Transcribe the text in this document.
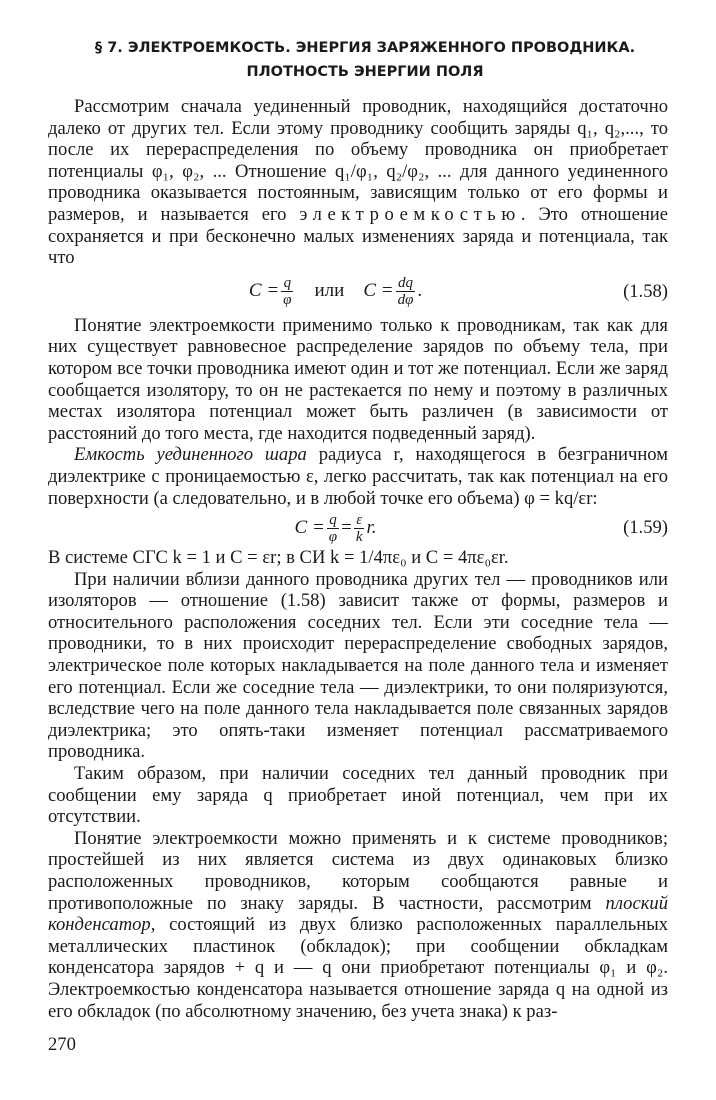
§ 7. ЭЛЕКТРОЕМКОСТЬ. ЭНЕРГИЯ ЗАРЯЖЕННОГО ПРОВОДНИКА.
ПЛОТНОСТЬ ЭНЕРГИИ ПОЛЯ

Рассмотрим сначала уединенный проводник, находящийся достаточно далеко от других тел. Если этому проводнику сообщить заряды q₁, q₂,..., то после их перераспределения по объему проводника он приобретает потенциалы φ₁, φ₂, ... Отношение q₁/φ₁, q₂/φ₂, ... для данного уединенного проводника оказывается постоянным, зависящим только от его формы и размеров, и называется его электроемкостью. Это отношение сохраняется и при бесконечно малых изменениях заряда и потенциала, так что

$C = \frac{q}{\varphi}$ или $C = \frac{dq}{d\varphi}$ .	(1.58)

Понятие электроемкости применимо только к проводникам, так как для них существует равновесное распределение зарядов по объему тела, при котором все точки проводника имеют один и тот же потенциал. Если же заряд сообщается изолятору, то он не растекается по нему и поэтому в различных местах изолятора потенциал может быть различен (в зависимости от расстояний до того места, где находится подведенный заряд).

Емкость уединенного шара радиуса r, находящегося в безграничном диэлектрике с проницаемостью ε, легко рассчитать, так как потенциал на его поверхности (а следовательно, и в любой точке его объема) φ = kq/εr:

$C = \frac{q}{\varphi} = \frac{\varepsilon}{k} r$.	(1.59)

В системе СГС k = 1 и C = εr; в СИ k = 1/4πε₀ и C = 4πε₀εr.

При наличии вблизи данного проводника других тел — проводников или изоляторов — отношение (1.58) зависит также от формы, размеров и относительного расположения соседних тел. Если эти соседние тела — проводники, то в них происходит перераспределение свободных зарядов, электрическое поле которых накладывается на поле данного тела и изменяет его потенциал. Если же соседние тела — диэлектрики, то они поляризуются, вследствие чего на поле данного тела накладывается поле связанных зарядов диэлектрика; это опять-таки изменяет потенциал рассматриваемого проводника.

Таким образом, при наличии соседних тел данный проводник при сообщении ему заряда q приобретает иной потенциал, чем при их отсутствии.

Понятие электроемкости можно применять и к системе проводников; простейшей из них является система из двух одинаковых близко расположенных проводников, которым сообщаются равные и противоположные по знаку заряды. В частности, рассмотрим плоский конденсатор, состоящий из двух близко расположенных параллельных металлических пластинок (обкладок); при сообщении обкладкам конденсатора зарядов + q и — q они приобретают потенциалы φ₁ и φ₂. Электроемкостью конденсатора называется отношение заряда q на одной из его обкладок (по абсолютному значению, без учета знака) к раз-

270
